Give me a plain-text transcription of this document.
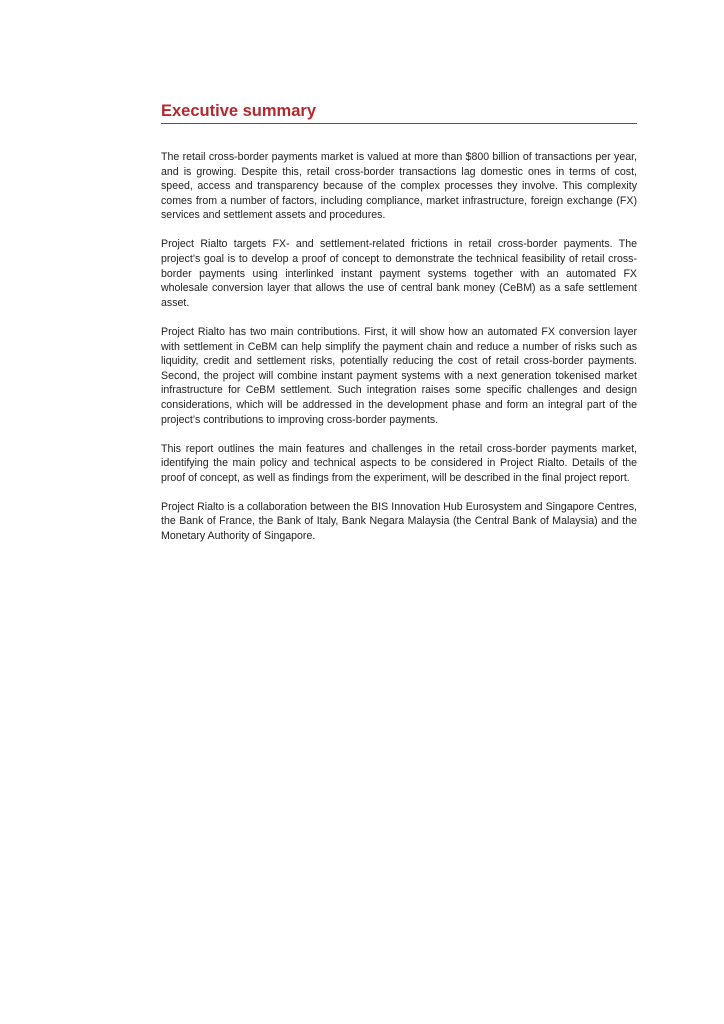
Executive summary

The retail cross-border payments market is valued at more than $800 billion of transactions per year, and is growing. Despite this, retail cross-border transactions lag domestic ones in terms of cost, speed, access and transparency because of the complex processes they involve. This complexity comes from a number of factors, including compliance, market infrastructure, foreign exchange (FX) services and settlement assets and procedures.

Project Rialto targets FX- and settlement-related frictions in retail cross-border payments. The project’s goal is to develop a proof of concept to demonstrate the technical feasibility of retail cross-border payments using interlinked instant payment systems together with an automated FX wholesale conversion layer that allows the use of central bank money (CeBM) as a safe settlement asset.

Project Rialto has two main contributions. First, it will show how an automated FX conversion layer with settlement in CeBM can help simplify the payment chain and reduce a number of risks such as liquidity, credit and settlement risks, potentially reducing the cost of retail cross-border payments. Second, the project will combine instant payment systems with a next generation tokenised market infrastructure for CeBM settlement. Such integration raises some specific challenges and design considerations, which will be addressed in the development phase and form an integral part of the project’s contributions to improving cross-border payments.

This report outlines the main features and challenges in the retail cross-border payments market, identifying the main policy and technical aspects to be considered in Project Rialto. Details of the proof of concept, as well as findings from the experiment, will be described in the final project report.

Project Rialto is a collaboration between the BIS Innovation Hub Eurosystem and Singapore Centres, the Bank of France, the Bank of Italy, Bank Negara Malaysia (the Central Bank of Malaysia) and the Monetary Authority of Singapore.
